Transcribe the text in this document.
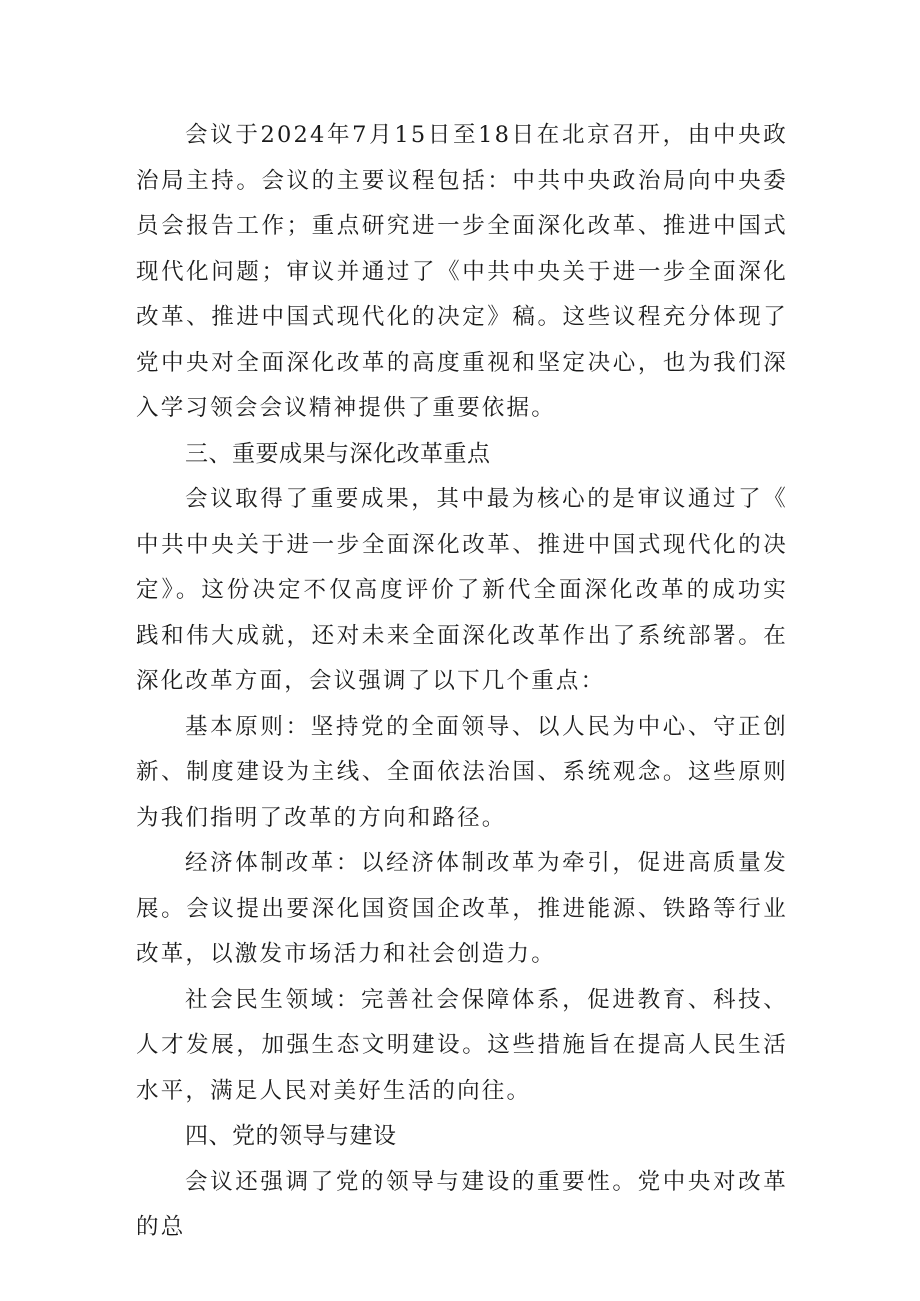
会议于2024年7月15日至18日在北京召开，由中央政治局主持。会议的主要议程包括：中共中央政治局向中央委员会报告工作；重点研究进一步全面深化改革、推进中国式现代化问题；审议并通过了《中共中央关于进一步全面深化改革、推进中国式现代化的决定》稿。这些议程充分体现了党中央对全面深化改革的高度重视和坚定决心，也为我们深入学习领会会议精神提供了重要依据。

三、重要成果与深化改革重点

会议取得了重要成果，其中最为核心的是审议通过了《中共中央关于进一步全面深化改革、推进中国式现代化的决定》。这份决定不仅高度评价了新代全面深化改革的成功实践和伟大成就，还对未来全面深化改革作出了系统部署。在深化改革方面，会议强调了以下几个重点：

基本原则：坚持党的全面领导、以人民为中心、守正创新、制度建设为主线、全面依法治国、系统观念。这些原则为我们指明了改革的方向和路径。

经济体制改革：以经济体制改革为牵引，促进高质量发展。会议提出要深化国资国企改革，推进能源、铁路等行业改革，以激发市场活力和社会创造力。

社会民生领域：完善社会保障体系，促进教育、科技、人才发展，加强生态文明建设。这些措施旨在提高人民生活水平，满足人民对美好生活的向往。

四、党的领导与建设

会议还强调了党的领导与建设的重要性。党中央对改革的总
